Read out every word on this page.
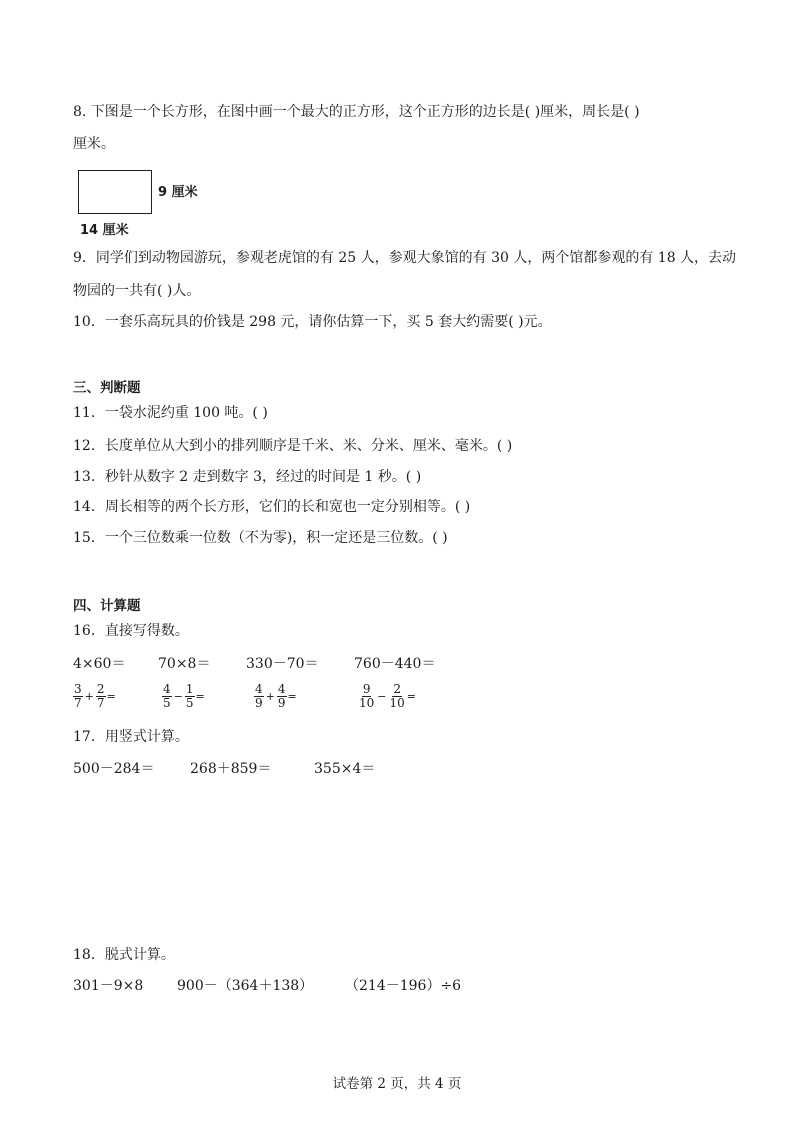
8. 下图是一个长方形，在图中画一个最大的正方形，这个正方形的边长是( )厘米，周长是( )
厘米。
9 厘米
14 厘米
9．同学们到动物园游玩，参观老虎馆的有 25 人，参观大象馆的有 30 人，两个馆都参观的有 18 人，去动
物园的一共有( )人。
10．一套乐高玩具的价钱是 298 元，请你估算一下，买 5 套大约需要( )元。
三、判断题
11．一袋水泥约重 100 吨。( )
12．长度单位从大到小的排列顺序是千米、米、分米、厘米、毫米。( )
13．秒针从数字 2 走到数字 3，经过的时间是 1 秒。( )
14．周长相等的两个长方形，它们的长和宽也一定分别相等。( )
15．一个三位数乘一位数（不为零)，积一定还是三位数。( )
四、计算题
16．直接写得数。
4×60＝ 70×8＝	330－70＝	760－440＝
$\frac{3}{7} + \frac{2}{7}$ =	$\frac{4}{5} - \frac{1}{5}$ =	$\frac{4}{9} + \frac{4}{9}$ =	$\frac{9}{10} - \frac{2}{10}$ =
17．用竖式计算。
500－284＝	268＋859＝	355×4＝
18．脱式计算。
301－9×8 900－（364＋138） （214－196）÷6
试卷第 2 页，共 4 页
